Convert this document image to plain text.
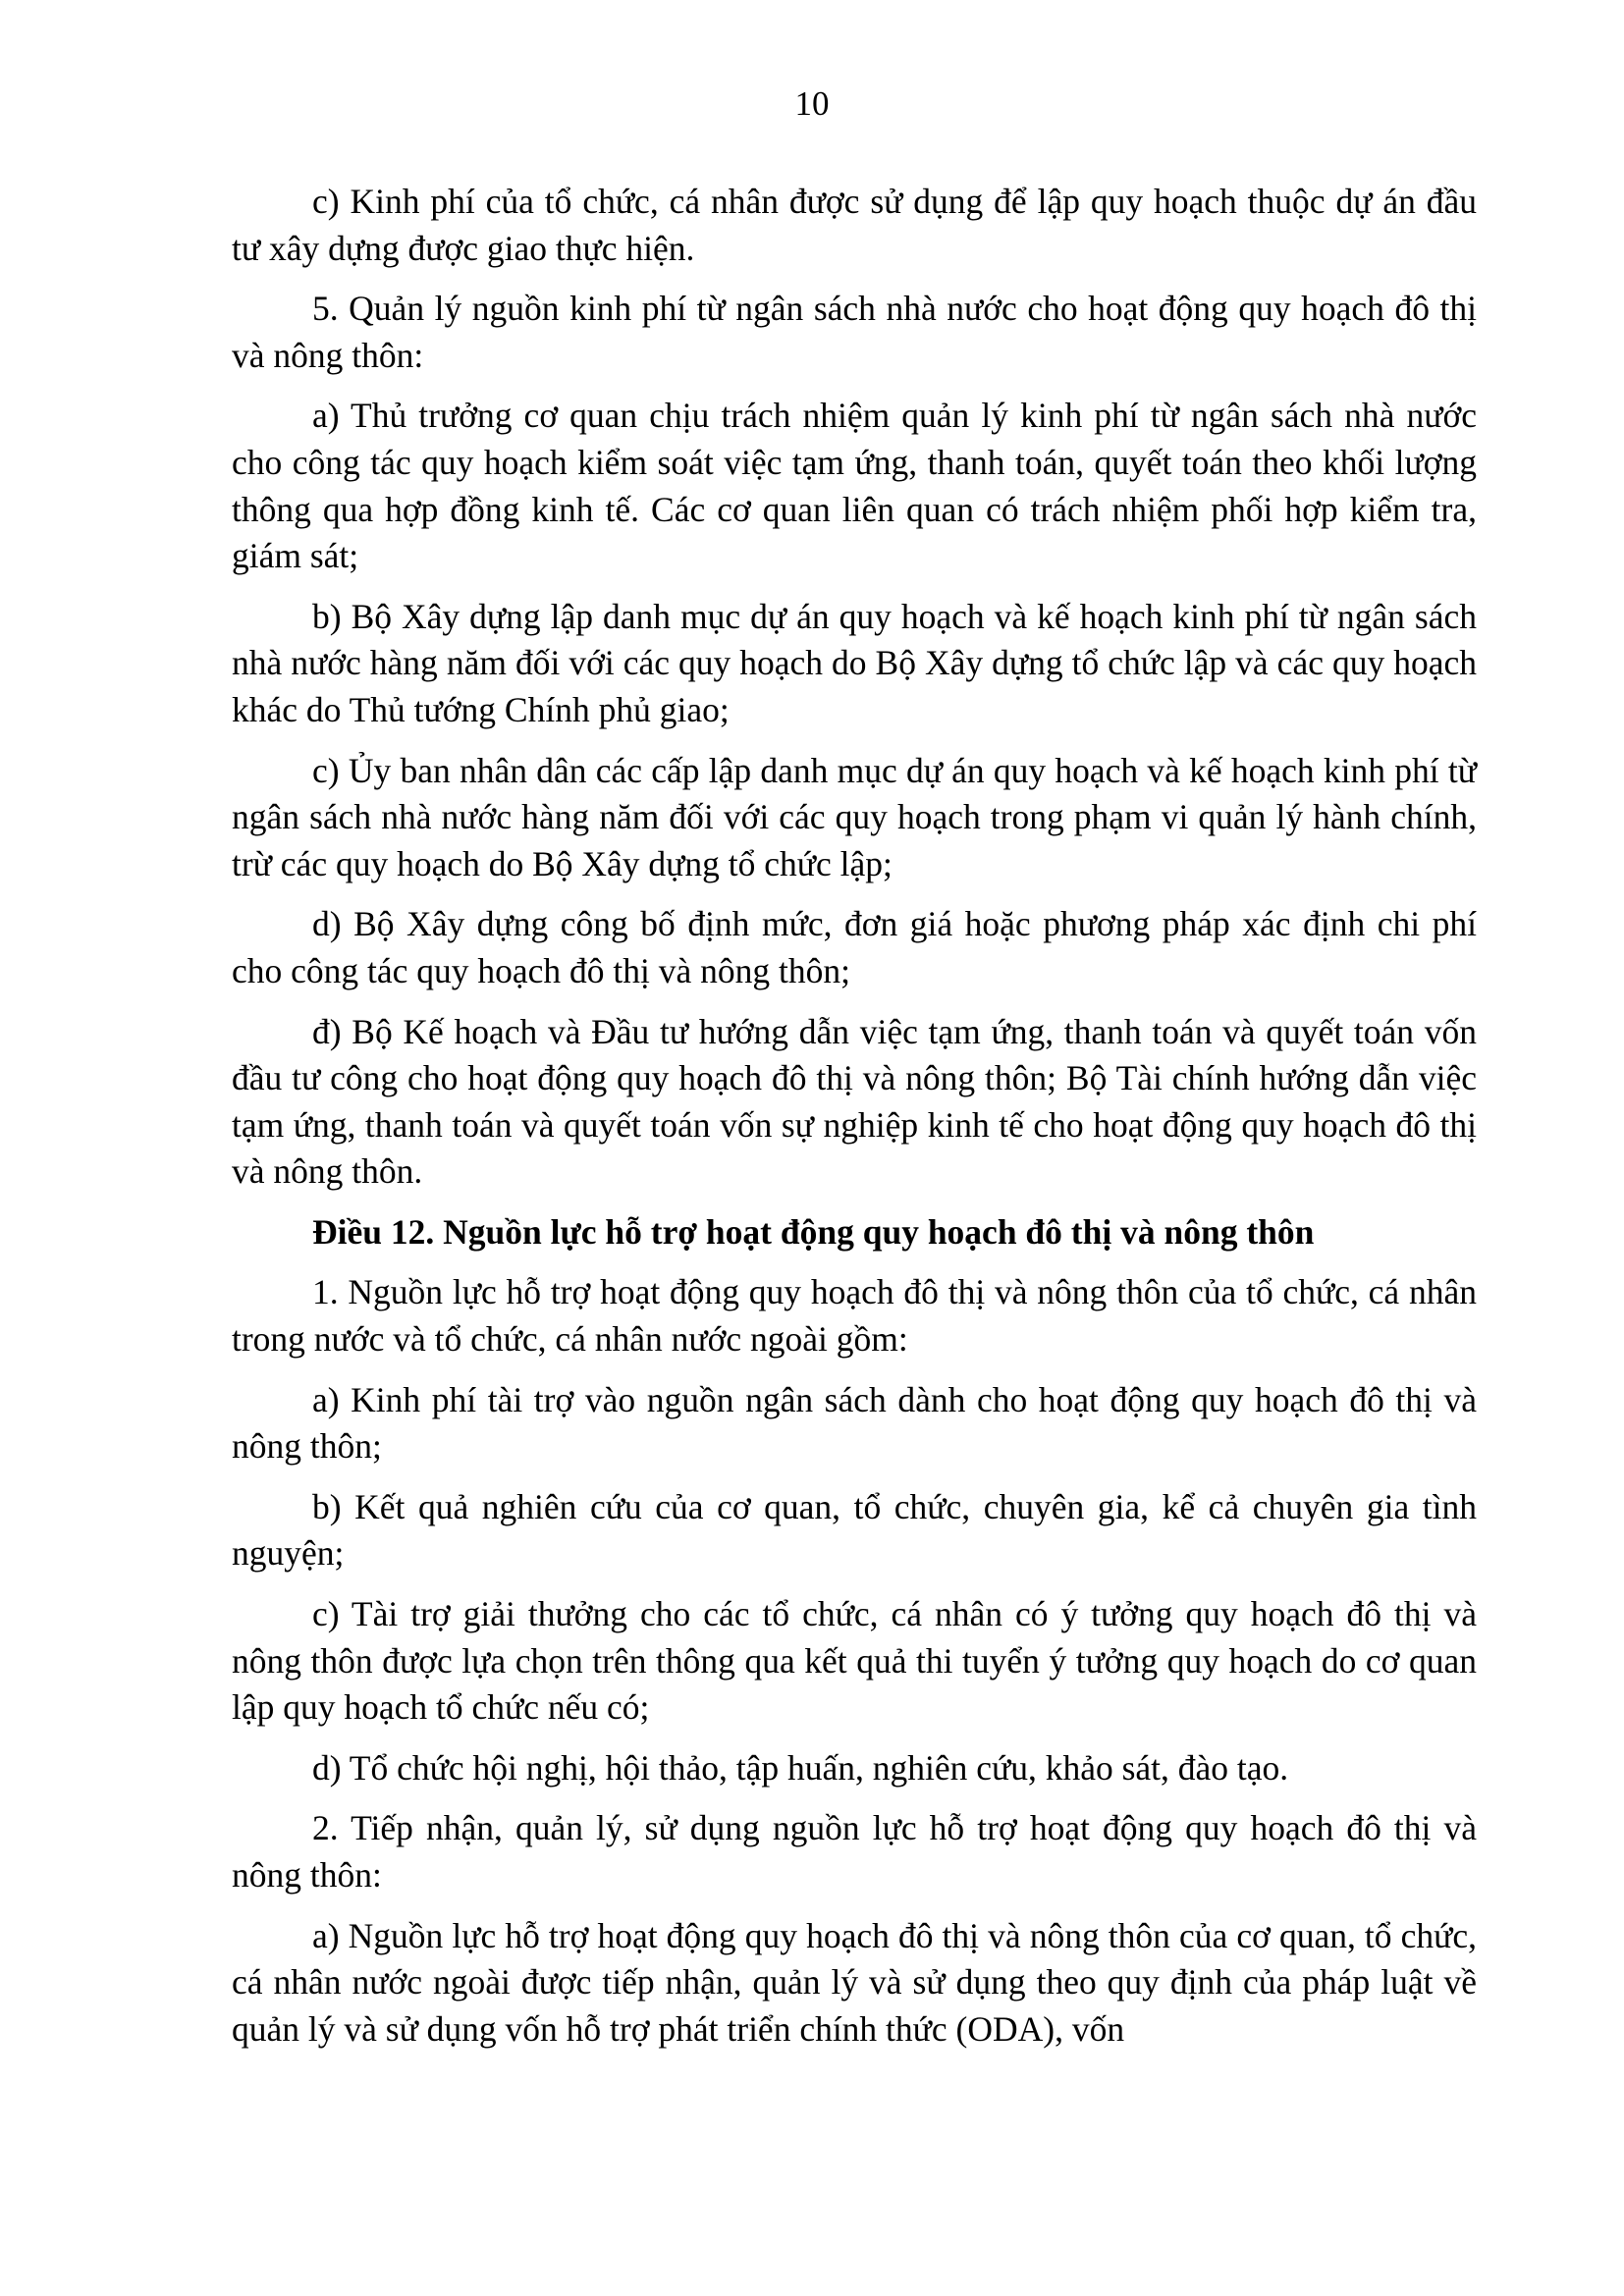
10

c) Kinh phí của tổ chức, cá nhân được sử dụng để lập quy hoạch thuộc dự án đầu tư xây dựng được giao thực hiện.

5. Quản lý nguồn kinh phí từ ngân sách nhà nước cho hoạt động quy hoạch đô thị và nông thôn:

a) Thủ trưởng cơ quan chịu trách nhiệm quản lý kinh phí từ ngân sách nhà nước cho công tác quy hoạch kiểm soát việc tạm ứng, thanh toán, quyết toán theo khối lượng thông qua hợp đồng kinh tế. Các cơ quan liên quan có trách nhiệm phối hợp kiểm tra, giám sát;

b) Bộ Xây dựng lập danh mục dự án quy hoạch và kế hoạch kinh phí từ ngân sách nhà nước hàng năm đối với các quy hoạch do Bộ Xây dựng tổ chức lập và các quy hoạch khác do Thủ tướng Chính phủ giao;

c) Ủy ban nhân dân các cấp lập danh mục dự án quy hoạch và kế hoạch kinh phí từ ngân sách nhà nước hàng năm đối với các quy hoạch trong phạm vi quản lý hành chính, trừ các quy hoạch do Bộ Xây dựng tổ chức lập;

d) Bộ Xây dựng công bố định mức, đơn giá hoặc phương pháp xác định chi phí cho công tác quy hoạch đô thị và nông thôn;

đ) Bộ Kế hoạch và Đầu tư hướng dẫn việc tạm ứng, thanh toán và quyết toán vốn đầu tư công cho hoạt động quy hoạch đô thị và nông thôn; Bộ Tài chính hướng dẫn việc tạm ứng, thanh toán và quyết toán vốn sự nghiệp kinh tế cho hoạt động quy hoạch đô thị và nông thôn.

Điều 12. Nguồn lực hỗ trợ hoạt động quy hoạch đô thị và nông thôn

1. Nguồn lực hỗ trợ hoạt động quy hoạch đô thị và nông thôn của tổ chức, cá nhân trong nước và tổ chức, cá nhân nước ngoài gồm:

a) Kinh phí tài trợ vào nguồn ngân sách dành cho hoạt động quy hoạch đô thị và nông thôn;

b) Kết quả nghiên cứu của cơ quan, tổ chức, chuyên gia, kể cả chuyên gia tình nguyện;

c) Tài trợ giải thưởng cho các tổ chức, cá nhân có ý tưởng quy hoạch đô thị và nông thôn được lựa chọn trên thông qua kết quả thi tuyển ý tưởng quy hoạch do cơ quan lập quy hoạch tổ chức nếu có;

d) Tổ chức hội nghị, hội thảo, tập huấn, nghiên cứu, khảo sát, đào tạo.

2. Tiếp nhận, quản lý, sử dụng nguồn lực hỗ trợ hoạt động quy hoạch đô thị và nông thôn:

a) Nguồn lực hỗ trợ hoạt động quy hoạch đô thị và nông thôn của cơ quan, tổ chức, cá nhân nước ngoài được tiếp nhận, quản lý và sử dụng theo quy định của pháp luật về quản lý và sử dụng vốn hỗ trợ phát triển chính thức (ODA), vốn
